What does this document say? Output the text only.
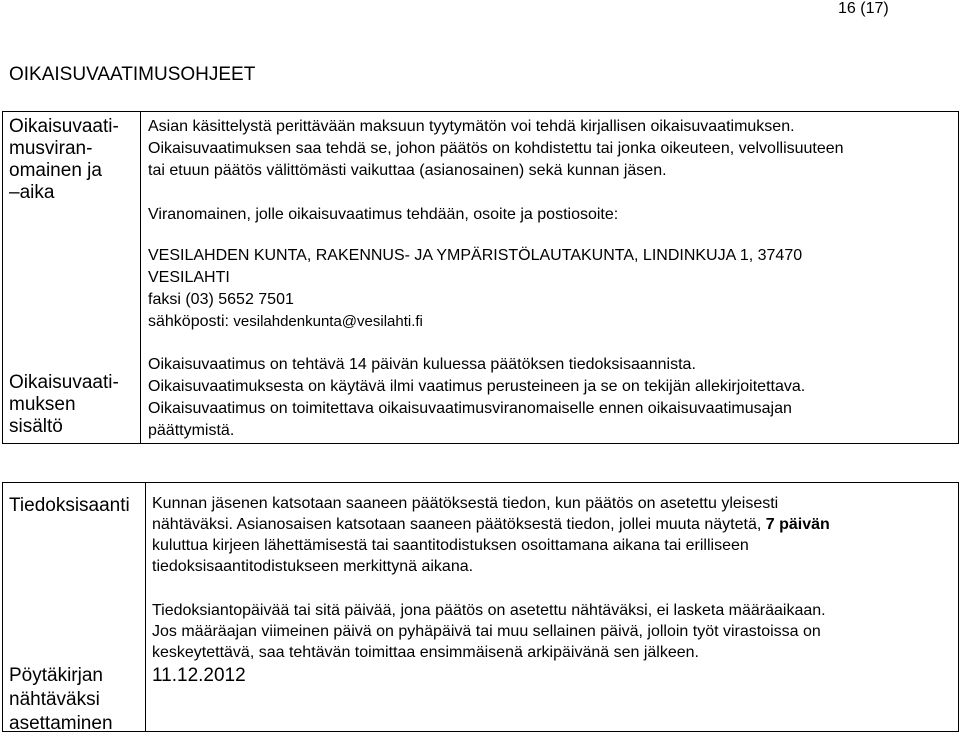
16 (17)
OIKAISUVAATIMUSOHJEET

Oikaisuvaati-

musviran-

omainen ja

–aika

Asian käsittelystä perittävään maksuun tyytymätön voi tehdä kirjallisen oikaisuvaatimuksen.

Oikaisuvaatimuksen saa tehdä se, johon päätös on kohdistettu tai jonka oikeuteen, velvollisuuteen

tai etuun päätös välittömästi vaikuttaa (asianosainen) sekä kunnan jäsen.

Viranomainen, jolle oikaisuvaatimus tehdään, osoite ja postiosoite:

VESILAHDEN KUNTA, RAKENNUS- JA YMPÄRISTÖLAUTAKUNTA, LINDINKUJA 1, 37470

VESILAHTI

faksi (03) 5652 7501

sähköposti: vesilahdenkunta@vesilahti.fi

Oikaisuvaati-

muksen

sisältö

Oikaisuvaatimus on tehtävä 14 päivän kuluessa päätöksen tiedoksisaannista.

Oikaisuvaatimuksesta on käytävä ilmi vaatimus perusteineen ja se on tekijän allekirjoitettava.

Oikaisuvaatimus on toimitettava oikaisuvaatimusviranomaiselle ennen oikaisuvaatimusajan

päättymistä.

Tiedoksisaanti Kunnan jäsenen katsotaan saaneen päätöksestä tiedon, kun päätös on asetettu yleisesti

nähtäväksi. Asianosaisen katsotaan saaneen päätöksestä tiedon, jollei muuta näytetä, 7 päivän

kuluttua kirjeen lähettämisestä tai saantitodistuksen osoittamana aikana tai erilliseen

tiedoksisaantitodistukseen merkittynä aikana.

Tiedoksiantopäivää tai sitä päivää, jona päätös on asetettu nähtäväksi, ei lasketa määräaikaan.

Jos määräajan viimeinen päivä on pyhäpäivä tai muu sellainen päivä, jolloin työt virastoissa on

keskeytettävä, saa tehtävän toimittaa ensimmäisenä arkipäivänä sen jälkeen.

Pöytäkirjan

nähtäväksi

asettaminen

11.12.2012
